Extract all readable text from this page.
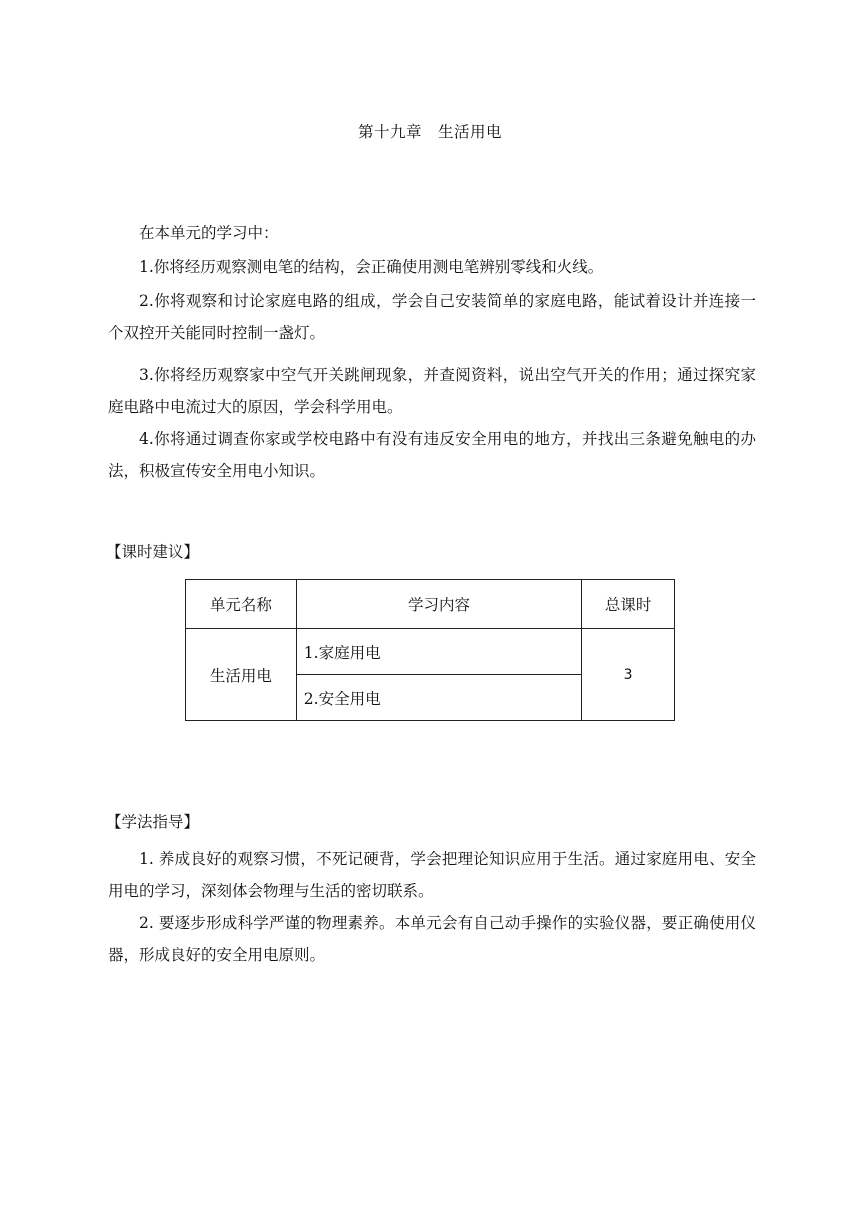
第十九章　生活用电

在本单元的学习中：

1.你将经历观察测电笔的结构，会正确使用测电笔辨别零线和火线。

2.你将观察和讨论家庭电路的组成，学会自己安装简单的家庭电路，能试着设计并连接一个双控开关能同时控制一盏灯。

3.你将经历观察家中空气开关跳闸现象，并查阅资料，说出空气开关的作用；通过探究家庭电路中电流过大的原因，学会科学用电。

4.你将通过调查你家或学校电路中有没有违反安全用电的地方，并找出三条避免触电的办法，积极宣传安全用电小知识。

【课时建议】

单元名称	学习内容	总课时
生活用电	1.家庭用电	3
	2.安全用电	

【学法指导】

1. 养成良好的观察习惯，不死记硬背，学会把理论知识应用于生活。通过家庭用电、安全用电的学习，深刻体会物理与生活的密切联系。

2. 要逐步形成科学严谨的物理素养。本单元会有自己动手操作的实验仪器，要正确使用仪器，形成良好的安全用电原则。
